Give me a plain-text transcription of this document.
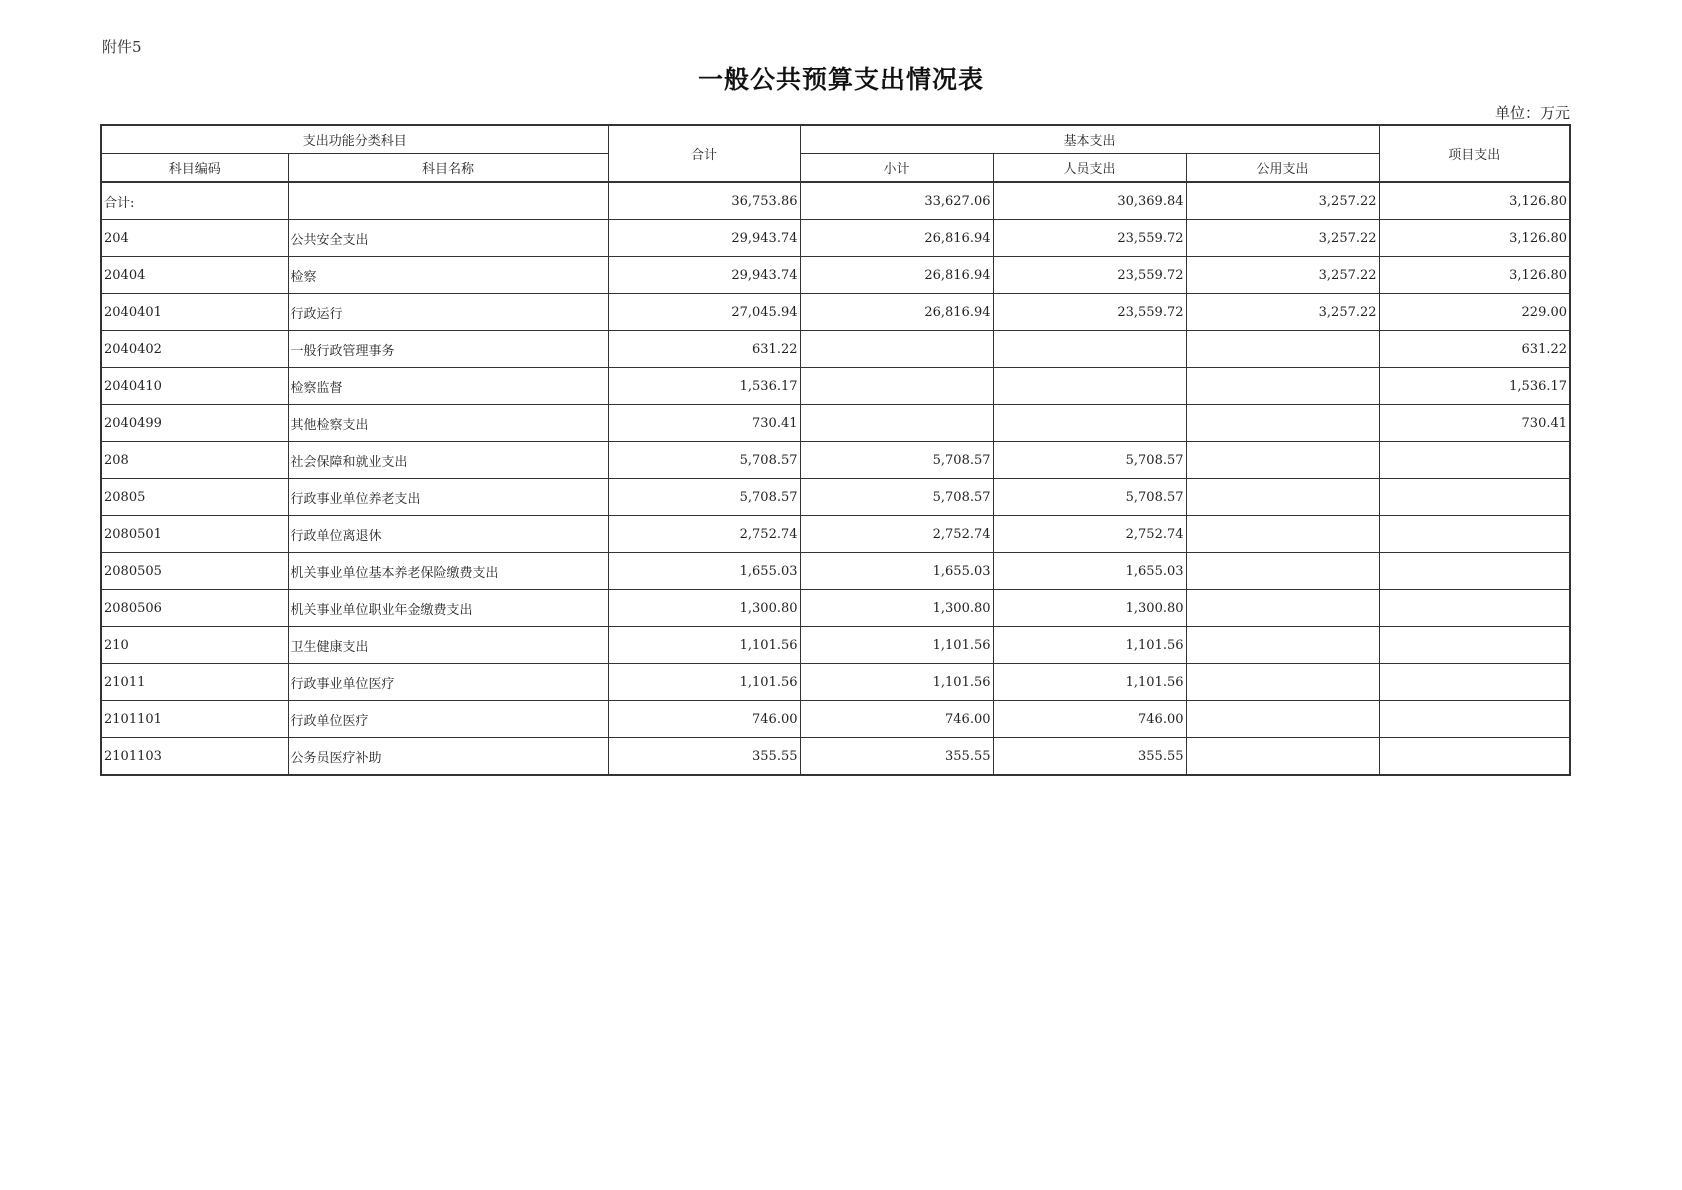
附件5
一般公共预算支出情况表
单位：万元
支出功能分类科目		合计	基本支出			项目支出
科目编码	科目名称		小计	人员支出	公用支出	
合计:		36,753.86	33,627.06	30,369.84	3,257.22	3,126.80
204	公共安全支出	29,943.74	26,816.94	23,559.72	3,257.22	3,126.80
20404	检察	29,943.74	26,816.94	23,559.72	3,257.22	3,126.80
2040401	行政运行	27,045.94	26,816.94	23,559.72	3,257.22	229.00
2040402	一般行政管理事务	631.22				631.22
2040410	检察监督	1,536.17				1,536.17
2040499	其他检察支出	730.41				730.41
208	社会保障和就业支出	5,708.57	5,708.57	5,708.57		
20805	行政事业单位养老支出	5,708.57	5,708.57	5,708.57		
2080501	行政单位离退休	2,752.74	2,752.74	2,752.74		
2080505	机关事业单位基本养老保险缴费支出	1,655.03	1,655.03	1,655.03		
2080506	机关事业单位职业年金缴费支出	1,300.80	1,300.80	1,300.80		
210	卫生健康支出	1,101.56	1,101.56	1,101.56		
21011	行政事业单位医疗	1,101.56	1,101.56	1,101.56		
2101101	行政单位医疗	746.00	746.00	746.00		
2101103	公务员医疗补助	355.55	355.55	355.55		
